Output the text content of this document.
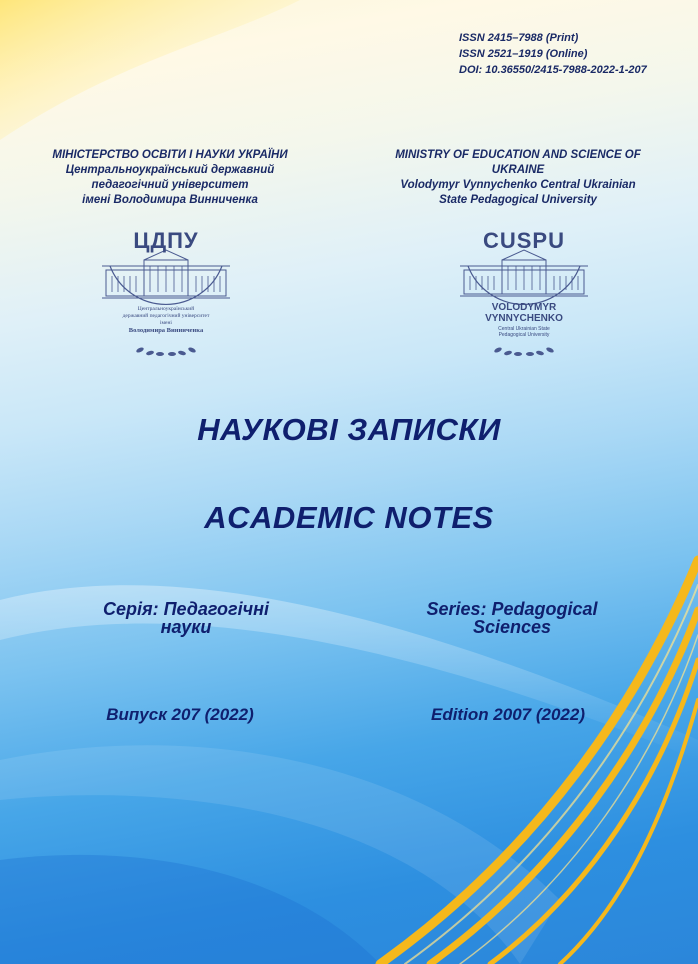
ISSN 2415–7988 (Print)
ISSN 2521–1919 (Online)
DOI: 10.36550/2415-7988-2022-1-207
МІНІСТЕРСТВО ОСВІТИ І НАУКИ УКРАЇНИ
Центральноукраїнський державний
педагогічний університет
імені Володимира Винниченка
MINISTRY OF EDUCATION AND SCIENCE OF UKRAINE
Volodymyr Vynnychenko Central Ukrainian
State Pedagogical University
ЦДПУ
Центральноукраїнський
державний педагогічний університет
імені
Володимира Винниченка
CUSPU
VOLODYMYR
VYNNYCHENKO
Central Ukrainian State
Pedagogical University
НАУКОВІ ЗАПИСКИ
ACADEMIC NOTES
Серія: Педагогічні
науки
Series: Pedagogical
Sciences
Випуск 207 (2022)	Edition 2007 (2022)
